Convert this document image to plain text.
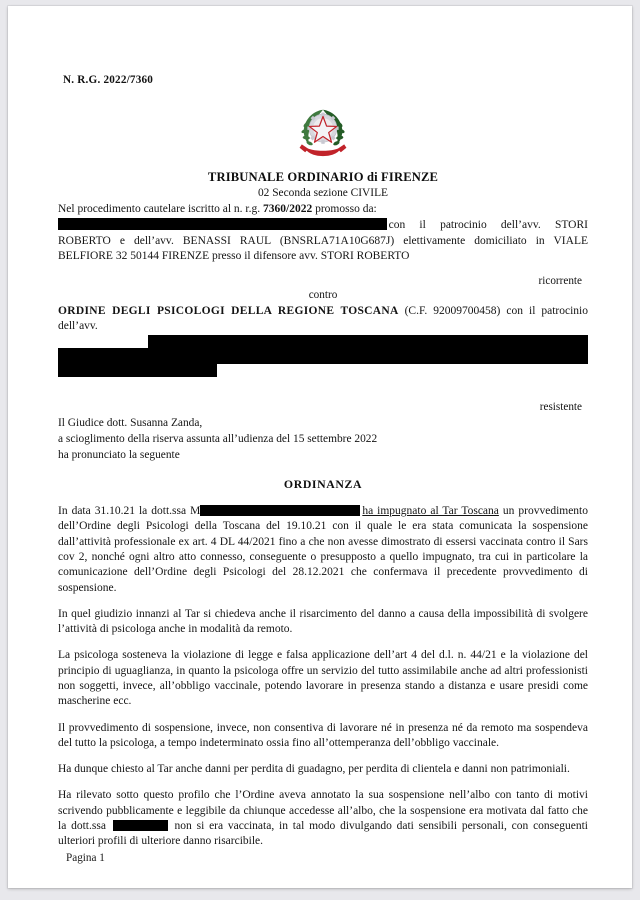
N. R.G. 2022/7360
TRIBUNALE ORDINARIO di FIRENZE
02 Seconda sezione CIVILE
Nel procedimento cautelare iscritto al n. r.g. 7360/2022 promosso da:
con il patrocinio dell’avv. STORI ROBERTO e dell’avv. BENASSI RAUL (BNSRLA71A10G687J) elettivamente domiciliato in VIALE BELFIORE 32 50144 FIRENZE presso il difensore avv. STORI ROBERTO
ricorrente
contro
ORDINE DEGLI PSICOLOGI DELLA REGIONE TOSCANA (C.F. 92009700458) con il patrocinio dell’avv.
resistente
Il Giudice dott. Susanna Zanda,
a scioglimento della riserva assunta all’udienza del 15 settembre 2022
ha pronunciato la seguente
ORDINANZA

In data 31.10.21 la dott.ssa M	ha impugnato al Tar Toscana un provvedimento dell’Ordine degli Psicologi della Toscana del 19.10.21 con il quale le era stata comunicata la sospensione dall’attività professionale ex art. 4 DL 44/2021 fino a che non avesse dimostrato di essersi vaccinata contro il Sars cov 2, nonché ogni altro atto connesso, conseguente o presupposto a quello impugnato, tra cui in particolare la comunicazione dell’Ordine degli Psicologi del 28.12.2021 che confermava il precedente provvedimento di sospensione.

In quel giudizio innanzi al Tar si chiedeva anche il risarcimento del danno a causa della impossibilità di svolgere l’attività di psicologa anche in modalità da remoto.

La psicologa sosteneva la violazione di legge e falsa applicazione dell’art 4 del d.l. n. 44/21 e la violazione del principio di uguaglianza, in quanto la psicologa offre un servizio del tutto assimilabile anche ad altri professionisti non soggetti, invece, all’obbligo vaccinale, potendo lavorare in presenza stando a distanza e usare presidi come mascherine ecc.

Il provvedimento di sospensione, invece, non consentiva di lavorare né in presenza né da remoto ma sospendeva del tutto la psicologa, a tempo indeterminato ossia fino all’ottemperanza dell’obbligo vaccinale.

Ha dunque chiesto al Tar anche danni per perdita di guadagno, per perdita di clientela e danni non patrimoniali.

Ha rilevato sotto questo profilo che l’Ordine aveva annotato la sua sospensione nell’albo con tanto di motivi scrivendo pubblicamente e leggibile da chiunque accedesse all’albo, che la sospensione era motivata dal fatto che la dott.ssa	non si era vaccinata, in tal modo divulgando dati sensibili personali, con conseguenti ulteriori profili di ulteriore danno risarcibile.

Pagina 1
